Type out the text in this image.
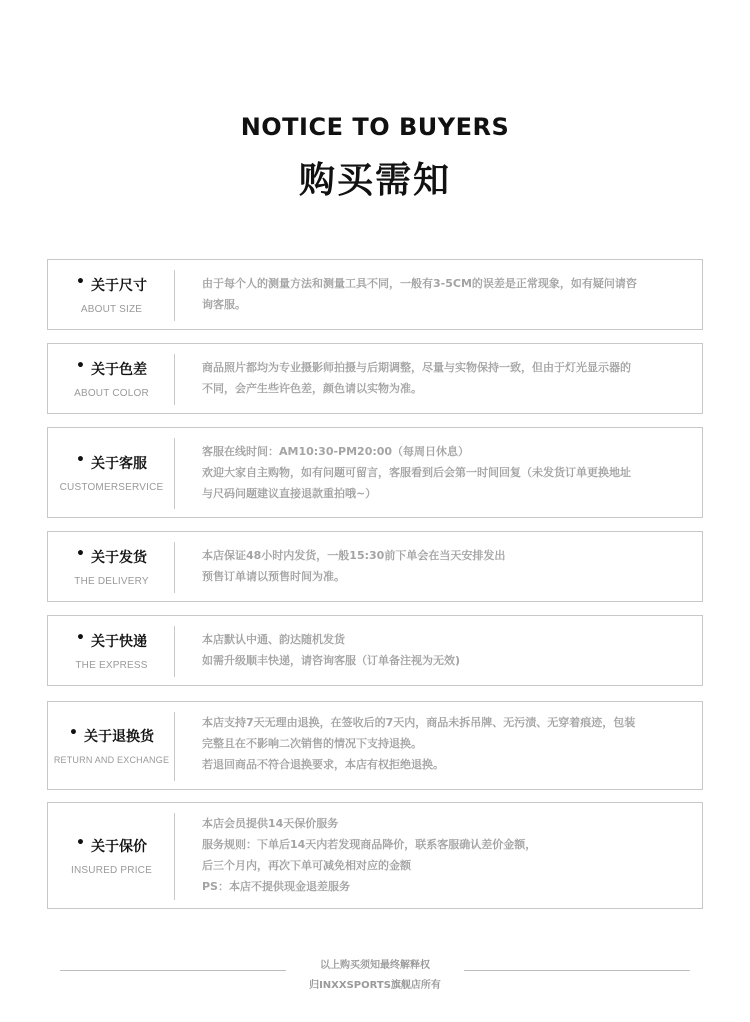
NOTICE TO BUYERS
购买需知
• 关于尺寸
ABOUT SIZE
由于每个人的测量方法和测量工具不同，一般有3-5CM的误差是正常现象，如有疑问请咨
询客服。
• 关于色差
ABOUT COLOR
商品照片都均为专业摄影师拍摄与后期调整，尽量与实物保持一致，但由于灯光显示器的
不同，会产生些许色差，颜色请以实物为准。
• 关于客服
CUSTOMERSERVICE
客服在线时间：AM10:30-PM20:00（每周日休息）
欢迎大家自主购物，如有问题可留言，客服看到后会第一时间回复（未发货订单更换地址
与尺码问题建议直接退款重拍哦~）
• 关于发货
THE DELIVERY
本店保证48小时内发货，一般15:30前下单会在当天安排发出
预售订单请以预售时间为准。
• 关于快递
THE EXPRESS
本店默认中通、韵达随机发货
如需升级顺丰快递，请咨询客服（订单备注视为无效)
• 关于退换货
RETURN AND EXCHANGE
本店支持7天无理由退换，在签收后的7天内，商品未拆吊牌、无污渍、无穿着痕迹，包装
完整且在不影响二次销售的情况下支持退换。
若退回商品不符合退换要求，本店有权拒绝退换。
• 关于保价
INSURED PRICE
本店会员提供14天保价服务
服务规则：下单后14天内若发现商品降价，联系客服确认差价金额，
后三个月内，再次下单可减免相对应的金额
PS：本店不提供现金退差服务
以上购买须知最终解释权
归INXXSPORTS旗舰店所有
